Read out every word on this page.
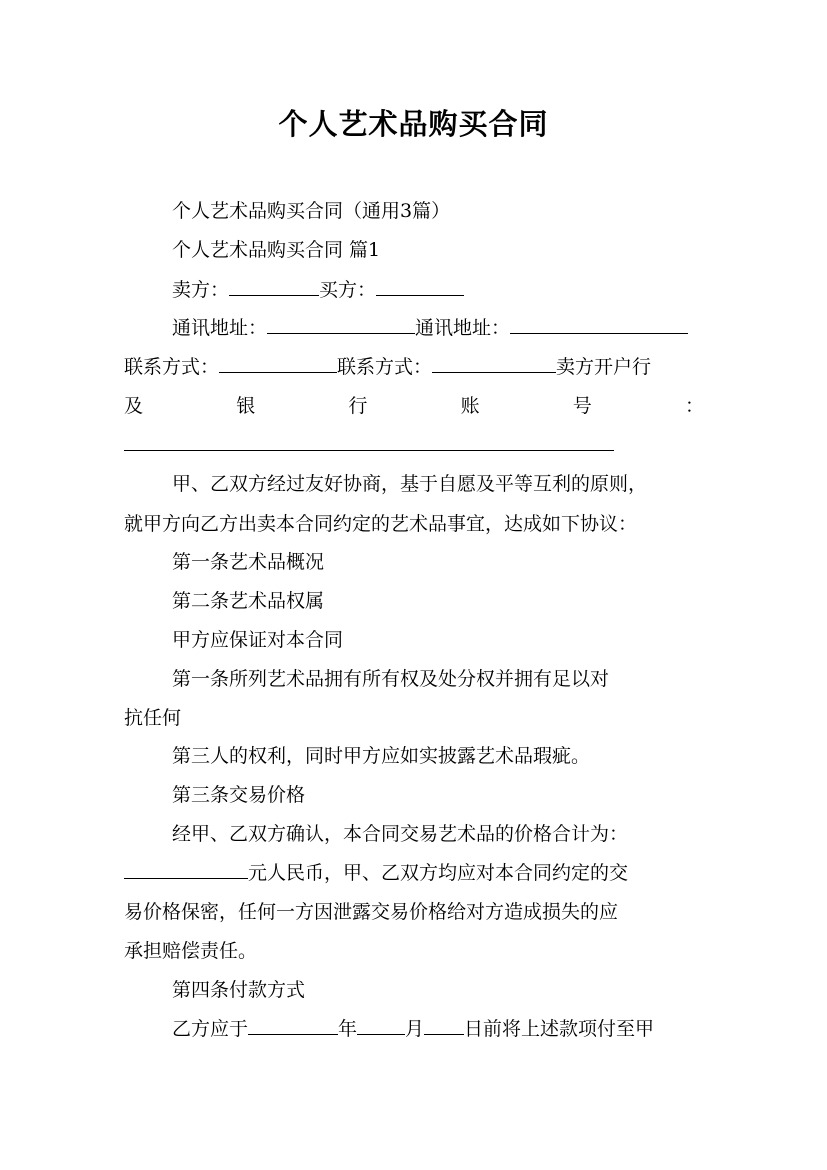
个人艺术品购买合同
个人艺术品购买合同（通用3篇）
个人艺术品购买合同 篇1
卖方：	买方：
通讯地址：	通讯地址：
联系方式：	联系方式：	卖方开户行
及	银	行	账	号	：
甲、乙双方经过友好协商，基于自愿及平等互利的原则，
就甲方向乙方出卖本合同约定的艺术品事宜，达成如下协议：
第一条艺术品概况
第二条艺术品权属
甲方应保证对本合同
第一条所列艺术品拥有所有权及处分权并拥有足以对
抗任何
第三人的权利，同时甲方应如实披露艺术品瑕疵。
第三条交易价格
经甲、乙双方确认，本合同交易艺术品的价格合计为：
元人民币，甲、乙双方均应对本合同约定的交
易价格保密，任何一方因泄露交易价格给对方造成损失的应
承担赔偿责任。
第四条付款方式
乙方应于	年	月 日前将上述款项付至甲
